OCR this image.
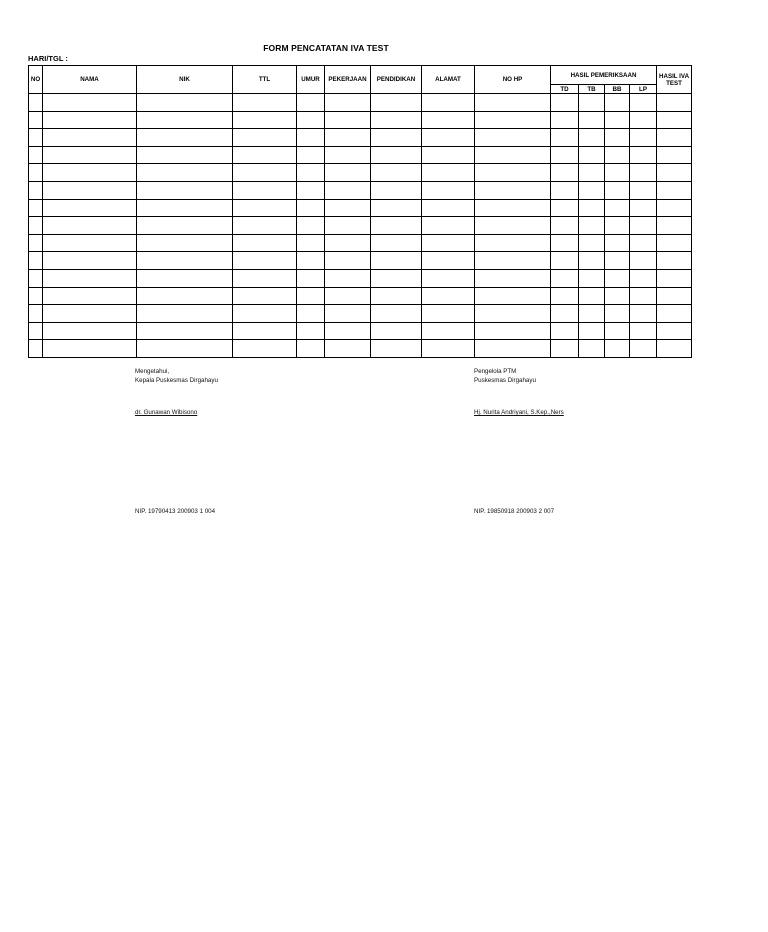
FORM PENCATATAN IVA TEST
HARI/TGL :
NO	NAMA	NIK	TTL	UMUR	PEKERJAAN	PENDIDIKAN	ALAMAT	NO HP	HASIL PEMERIKSAAN				HASIL IVA TEST
									TD	TB	BB	LP	

Mengetahui,
Kepala Puskesmas Dirgahayu
dr. Gunawan Wibisono
NIP. 19790413 200903 1 004
Pengelola PTM
Puskesmas Dirgahayu
Hj. Nurita Andriyani, S.Kep.,Ners
NIP. 19850918 200903 2 007
